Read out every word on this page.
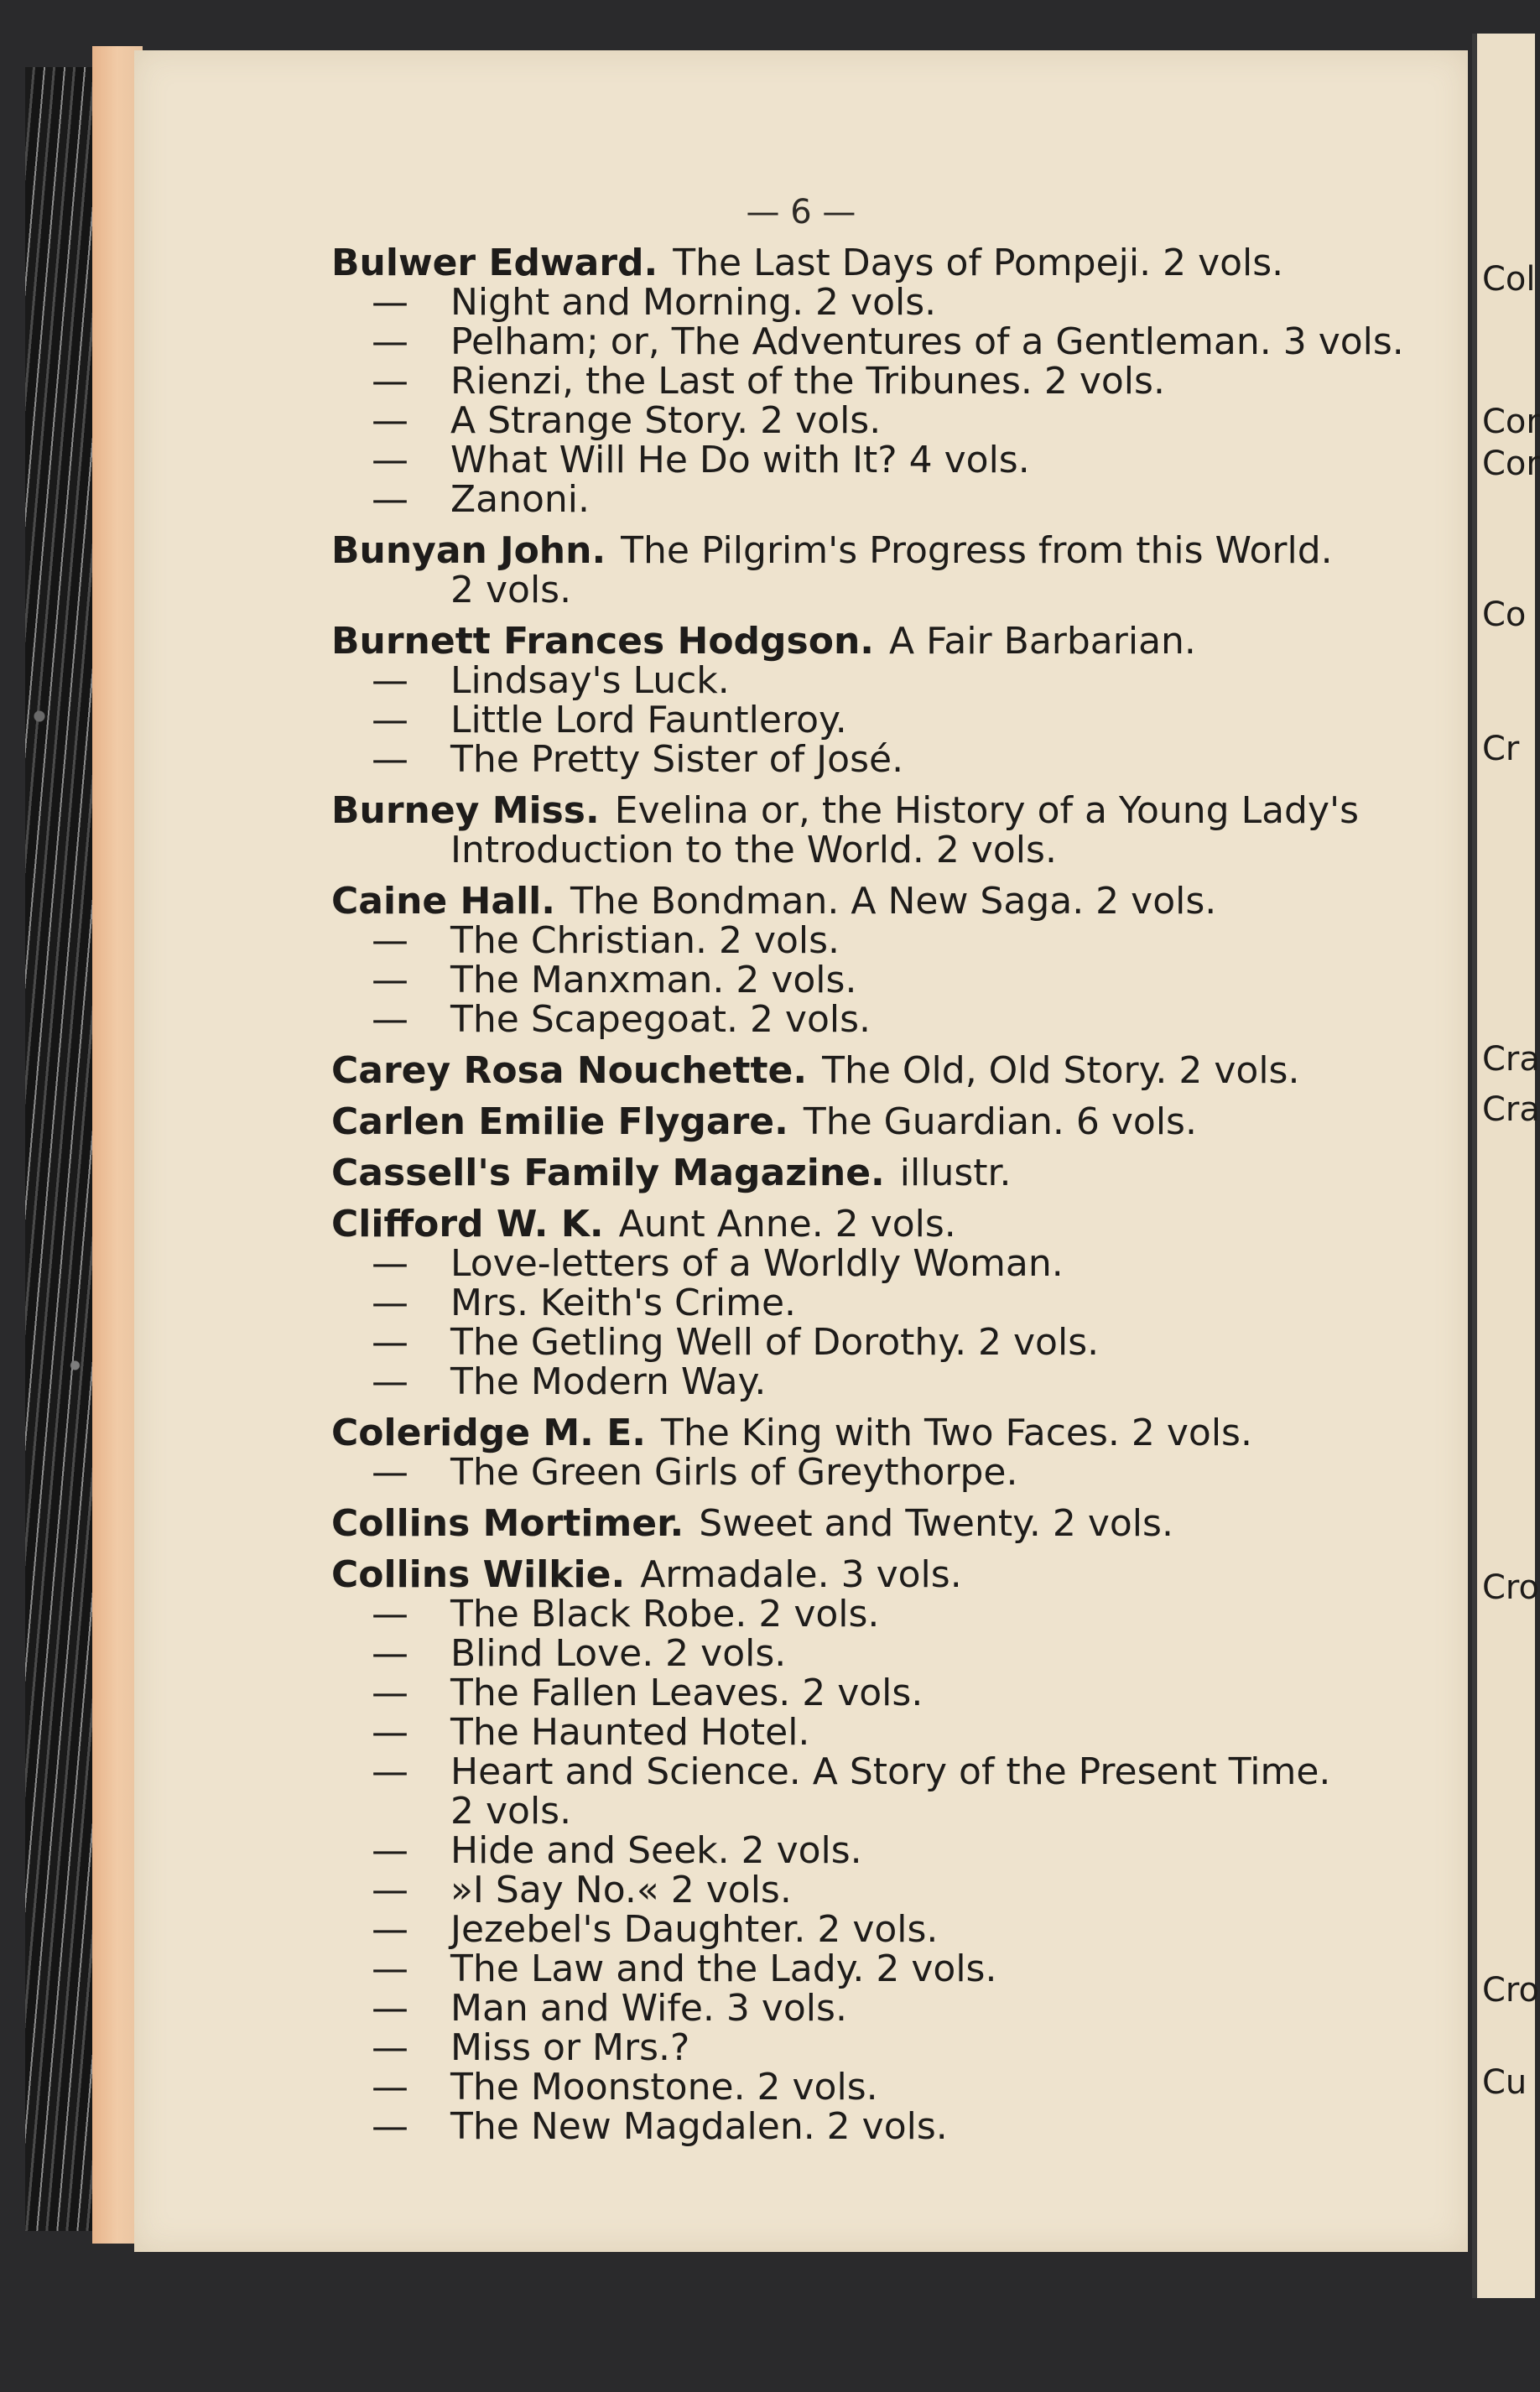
— 6 —
Col
Cor
Cor
Co
Cr
Cra
Cra
Cro
Cro
Cu
Bulwer Edward. The Last Days of Pompeji. 2 vols.
— Night and Morning. 2 vols.
— Pelham; or, The Adventures of a Gentleman. 3 vols.
— Rienzi, the Last of the Tribunes. 2 vols.
— A Strange Story. 2 vols.
— What Will He Do with It? 4 vols.
— Zanoni.
Bunyan John. The Pilgrim's Progress from this World.
2 vols.
Burnett Frances Hodgson. A Fair Barbarian.
— Lindsay's Luck.
— Little Lord Fauntleroy.
— The Pretty Sister of José.
Burney Miss. Evelina or, the History of a Young Lady's
Introduction to the World. 2 vols.
Caine Hall. The Bondman. A New Saga. 2 vols.
— The Christian. 2 vols.
— The Manxman. 2 vols.
— The Scapegoat. 2 vols.
Carey Rosa Nouchette. The Old, Old Story. 2 vols.
Carlen Emilie Flygare. The Guardian. 6 vols.
Cassell's Family Magazine. illustr.
Clifford W. K. Aunt Anne. 2 vols.
— Love-letters of a Worldly Woman.
— Mrs. Keith's Crime.
— The Getling Well of Dorothy. 2 vols.
— The Modern Way.
Coleridge M. E. The King with Two Faces. 2 vols.
— The Green Girls of Greythorpe.
Collins Mortimer. Sweet and Twenty. 2 vols.
Collins Wilkie. Armadale. 3 vols.
— The Black Robe. 2 vols.
— Blind Love. 2 vols.
— The Fallen Leaves. 2 vols.
— The Haunted Hotel.
— Heart and Science. A Story of the Present Time.
2 vols.
— Hide and Seek. 2 vols.
— »I Say No.« 2 vols.
— Jezebel's Daughter. 2 vols.
— The Law and the Lady. 2 vols.
— Man and Wife. 3 vols.
— Miss or Mrs.?
— The Moonstone. 2 vols.
— The New Magdalen. 2 vols.
